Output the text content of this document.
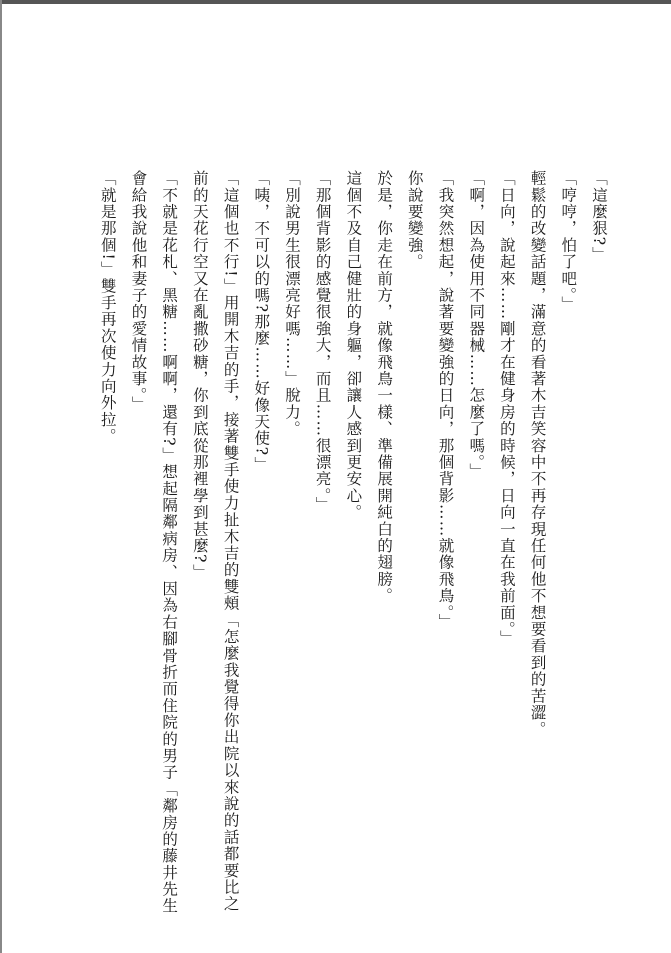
「這麼狠?」
「哼哼，怕了吧。」
輕鬆的改變話題，滿意的看著木吉笑容中不再存現任何他不想要看到的苦澀。
「日向，說起來……剛才在健身房的時候，日向一直在我前面。」
「啊，因為使用不同器械……怎麼了嗎。」
「我突然想起，說著要變強的日向，那個背影……就像飛鳥。」
你說要變強。
於是，你走在前方，就像飛鳥一樣、準備展開純白的翅膀。
這個不及自己健壯的身軀，卻讓人感到更安心。
「那個背影的感覺很強大，而且……很漂亮。」
「別說男生很漂亮好嗎……」脫力。
「咦，不可以的嗎?那麼……好像天使?」
「這個也不行!」用開木吉的手，接著雙手使力扯木吉的雙頰「怎麼我覺得你出院以來說的話都要比之
前的天花行空又在亂撒砂糖，你到底從那裡學到甚麼?」
「不就是花札、黑糖……啊啊，還有?」想起隔鄰病房、因為右腳骨折而住院的男子「鄰房的藤井先生
會給我說他和妻子的愛情故事。」
「就是那個!」雙手再次使力向外拉。
